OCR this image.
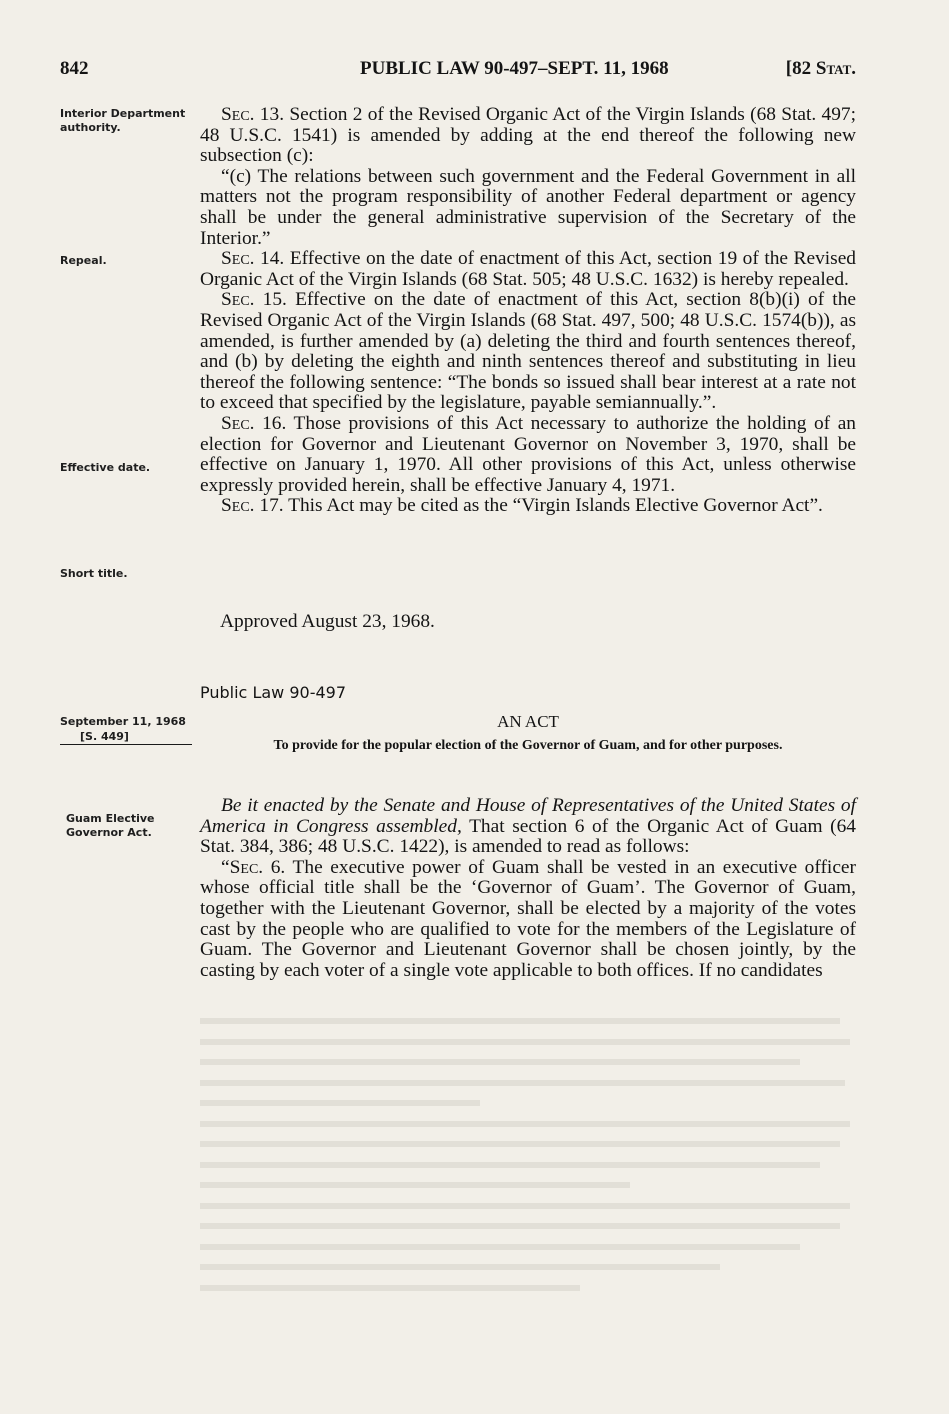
842	PUBLIC LAW 90-497–SEPT. 11, 1968	[82 Stat.
Interior Department authority.
Repeal.
Effective date.
Short title.
September 11, 1968
[S. 449]
Guam Elective Governor Act.

Sec. 13. Section 2 of the Revised Organic Act of the Virgin Islands (68 Stat. 497; 48 U.S.C. 1541) is amended by adding at the end thereof the following new subsection (c):

“(c) The relations between such government and the Federal Government in all matters not the program responsibility of another Federal department or agency shall be under the general administrative supervision of the Secretary of the Interior.”

Sec. 14. Effective on the date of enactment of this Act, section 19 of the Revised Organic Act of the Virgin Islands (68 Stat. 505; 48 U.S.C. 1632) is hereby repealed.

Sec. 15. Effective on the date of enactment of this Act, section 8(b)(i) of the Revised Organic Act of the Virgin Islands (68 Stat. 497, 500; 48 U.S.C. 1574(b)), as amended, is further amended by (a) deleting the third and fourth sentences thereof, and (b) by deleting the eighth and ninth sentences thereof and substituting in lieu thereof the following sentence: “The bonds so issued shall bear interest at a rate not to exceed that specified by the legislature, payable semiannually.”.

Sec. 16. Those provisions of this Act necessary to authorize the holding of an election for Governor and Lieutenant Governor on November 3, 1970, shall be effective on January 1, 1970. All other provisions of this Act, unless otherwise expressly provided herein, shall be effective January 4, 1971.

Sec. 17. This Act may be cited as the “Virgin Islands Elective Governor Act”.

Approved August 23, 1968.
Public Law 90-497
AN ACT
To provide for the popular election of the Governor of Guam, and for other purposes.

Be it enacted by the Senate and House of Representatives of the United States of America in Congress assembled, That section 6 of the Organic Act of Guam (64 Stat. 384, 386; 48 U.S.C. 1422), is amended to read as follows:

“Sec. 6. The executive power of Guam shall be vested in an executive officer whose official title shall be the ‘Governor of Guam’. The Governor of Guam, together with the Lieutenant Governor, shall be elected by a majority of the votes cast by the people who are qualified to vote for the members of the Legislature of Guam. The Governor and Lieutenant Governor shall be chosen jointly, by the casting by each voter of a single vote applicable to both offices. If no candidates
